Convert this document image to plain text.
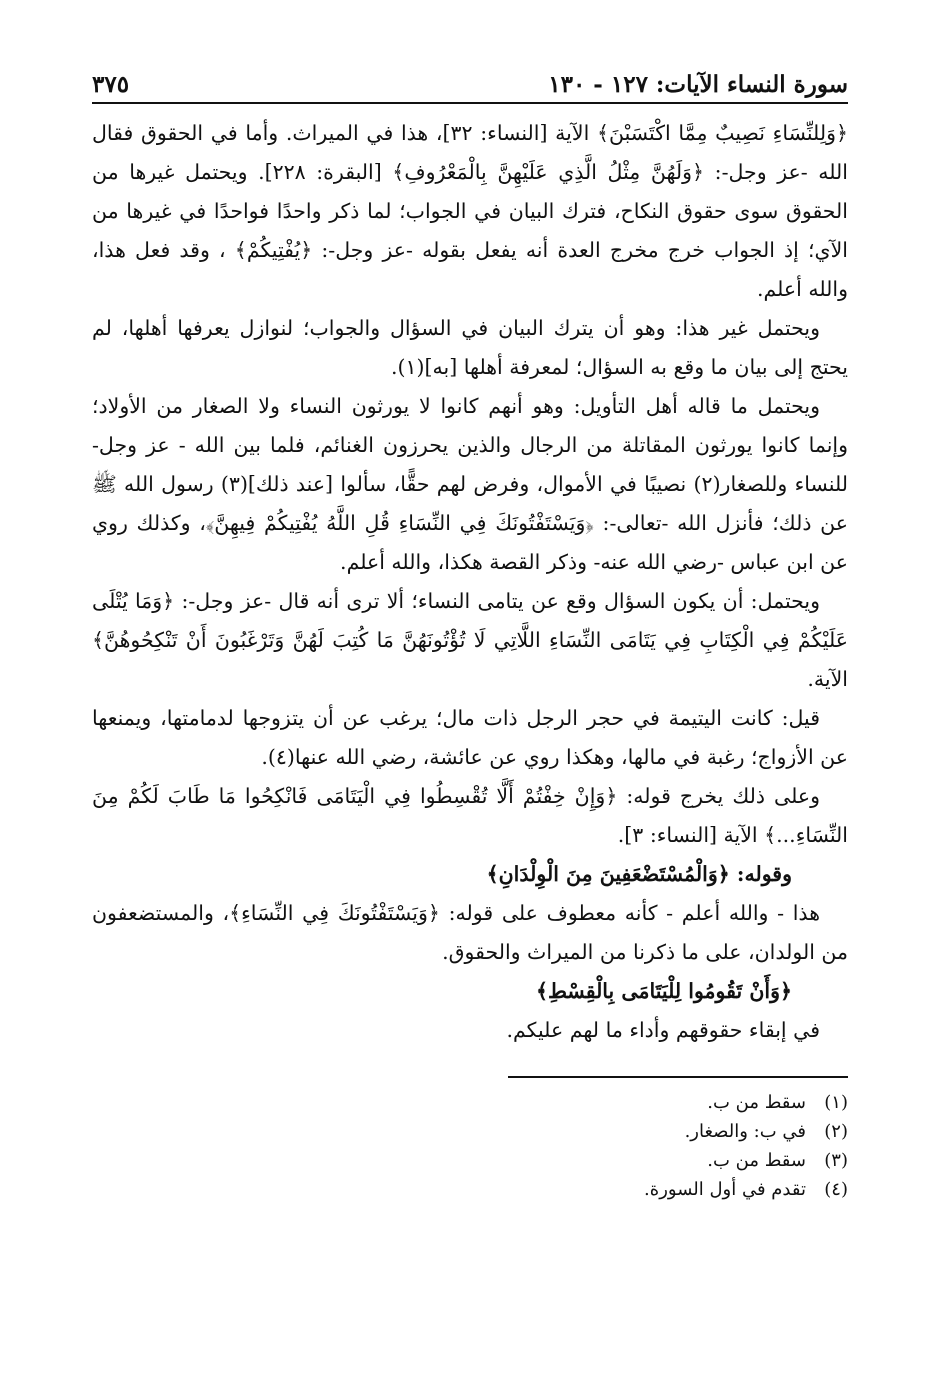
سورة النساء الآيات: ١٢٧ - ١٣٠
٣٧٥

﴿وَلِلنِّسَاءِ نَصِيبٌ مِمَّا اكْتَسَبْنَ﴾ الآية [النساء: ٣٢]، هذا في الميراث. وأما في الحقوق فقال الله -عز وجل-: ﴿وَلَهُنَّ مِثْلُ الَّذِي عَلَيْهِنَّ بِالْمَعْرُوفِ﴾ [البقرة: ٢٢٨]. ويحتمل غيرها من الحقوق سوى حقوق النكاح، فترك البيان في الجواب؛ لما ذكر واحدًا فواحدًا في غيرها من الآي؛ إذ الجواب خرج مخرج العدة أنه يفعل بقوله -عز وجل-: ﴿يُفْتِيكُمْ﴾ ، وقد فعل هذا، والله أعلم.

ويحتمل غير هذا: وهو أن يترك البيان في السؤال والجواب؛ لنوازل يعرفها أهلها، لم يحتج إلى بيان ما وقع به السؤال؛ لمعرفة أهلها [به](١).

ويحتمل ما قاله أهل التأويل: وهو أنهم كانوا لا يورثون النساء ولا الصغار من الأولاد؛ وإنما كانوا يورثون المقاتلة من الرجال والذين يحرزون الغنائم، فلما بين الله - عز وجل- للنساء وللصغار(٢) نصيبًا في الأموال، وفرض لهم حقًّا، سألوا [عند ذلك](٣) رسول الله ﷺ عن ذلك؛ فأنزل الله -تعالى-: ﴿وَيَسْتَفْتُونَكَ فِي النِّسَاءِ قُلِ اللَّهُ يُفْتِيكُمْ فِيهِنَّ﴾، وكذلك روي عن ابن عباس -رضي الله عنه- وذكر القصة هكذا، والله أعلم.

ويحتمل: أن يكون السؤال وقع عن يتامى النساء؛ ألا ترى أنه قال -عز وجل-: ﴿وَمَا يُتْلَى عَلَيْكُمْ فِي الْكِتَابِ فِي يَتَامَى النِّسَاءِ اللَّاتِي لَا تُؤْتُونَهُنَّ مَا كُتِبَ لَهُنَّ وَتَرْغَبُونَ أَنْ تَنْكِحُوهُنَّ﴾ الآية.

قيل: كانت اليتيمة في حجر الرجل ذات مال؛ يرغب عن أن يتزوجها لدمامتها، ويمنعها عن الأزواج؛ رغبة في مالها، وهكذا روي عن عائشة، رضي الله عنها(٤).

وعلى ذلك يخرج قوله: ﴿وَإِنْ خِفْتُمْ أَلَّا تُقْسِطُوا فِي الْيَتَامَى فَانْكِحُوا مَا طَابَ لَكُمْ مِنَ النِّسَاءِ...﴾ الآية [النساء: ٣].

وقوله: ﴿وَالْمُسْتَضْعَفِينَ مِنَ الْوِلْدَانِ﴾

هذا - والله أعلم - كأنه معطوف على قوله: ﴿وَيَسْتَفْتُونَكَ فِي النِّسَاءِ﴾، والمستضعفون من الولدان، على ما ذكرنا من الميراث والحقوق.

﴿وَأَنْ تَقُومُوا لِلْيَتَامَى بِالْقِسْطِ﴾

في إبقاء حقوقهم وأداء ما لهم عليكم.

(١)
سقط من ب.
(٢)
في ب: والصغار.
(٣)
سقط من ب.
(٤)
تقدم في أول السورة.
